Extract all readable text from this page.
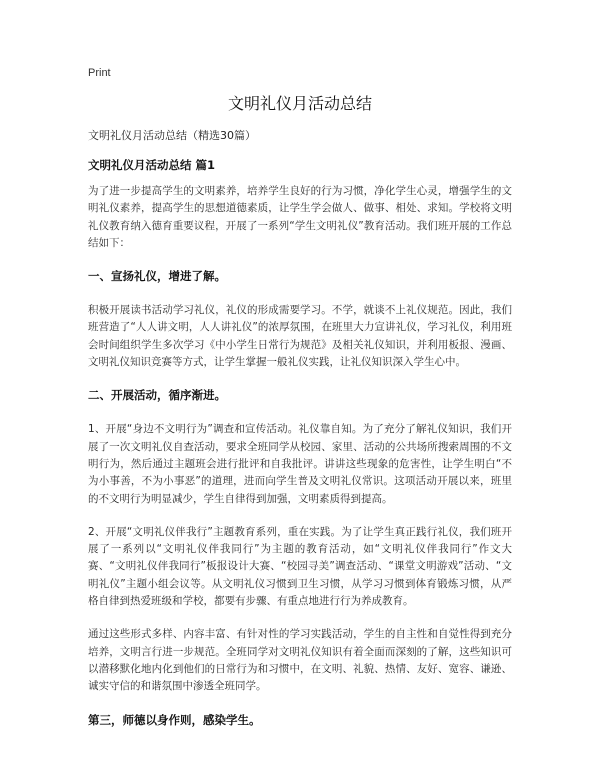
Print
文明礼仪月活动总结
文明礼仪月活动总结（精选30篇）
文明礼仪月活动总结 篇1
为了进一步提高学生的文明素养，培养学生良好的行为习惯，净化学生心灵，增强学生的文明礼仪素养，提高学生的思想道德素质，让学生学会做人、做事、相处、求知。学校将文明礼仪教育纳入德育重要议程，开展了一系列“学生文明礼仪”教育活动。我们班开展的工作总结如下：
一、宣扬礼仪，增进了解。
积极开展读书活动学习礼仪，礼仪的形成需要学习。不学，就谈不上礼仪规范。因此，我们班营造了“人人讲文明，人人讲礼仪”的浓厚氛围，在班里大力宣讲礼仪，学习礼仪，利用班会时间组织学生多次学习《中小学生日常行为规范》及相关礼仪知识，并利用板报、漫画、文明礼仪知识竞赛等方式，让学生掌握一般礼仪实践，让礼仪知识深入学生心中。
二、开展活动，循序渐进。
1、开展“身边不文明行为”调查和宣传活动。礼仪靠自知。为了充分了解礼仪知识，我们开展了一次文明礼仪自查活动，要求全班同学从校园、家里、活动的公共场所搜索周围的不文明行为，然后通过主题班会进行批评和自我批评。讲讲这些现象的危害性，让学生明白“不为小事善，不为小事恶”的道理，进而向学生普及文明礼仪常识。这项活动开展以来，班里的不文明行为明显减少，学生自律得到加强，文明素质得到提高。
2、开展“文明礼仪伴我行”主题教育系列，重在实践。为了让学生真正践行礼仪，我们班开展了一系列以“文明礼仪伴我同行”为主题的教育活动，如“文明礼仪伴我同行”作文大赛、“文明礼仪伴我同行”板报设计大赛、“校园寻美”调查活动、“课堂文明游戏”活动、“文明礼仪”主题小组会议等。从文明礼仪习惯到卫生习惯，从学习习惯到体育锻炼习惯，从严格自律到热爱班级和学校，都要有步骤、有重点地进行行为养成教育。
通过这些形式多样、内容丰富、有针对性的学习实践活动，学生的自主性和自觉性得到充分培养，文明言行进一步规范。全班同学对文明礼仪知识有着全面而深刻的了解，这些知识可以潜移默化地内化到他们的日常行为和习惯中，在文明、礼貌、热情、友好、宽容、谦逊、诚实守信的和谐氛围中渗透全班同学。
第三，师德以身作则，感染学生。
